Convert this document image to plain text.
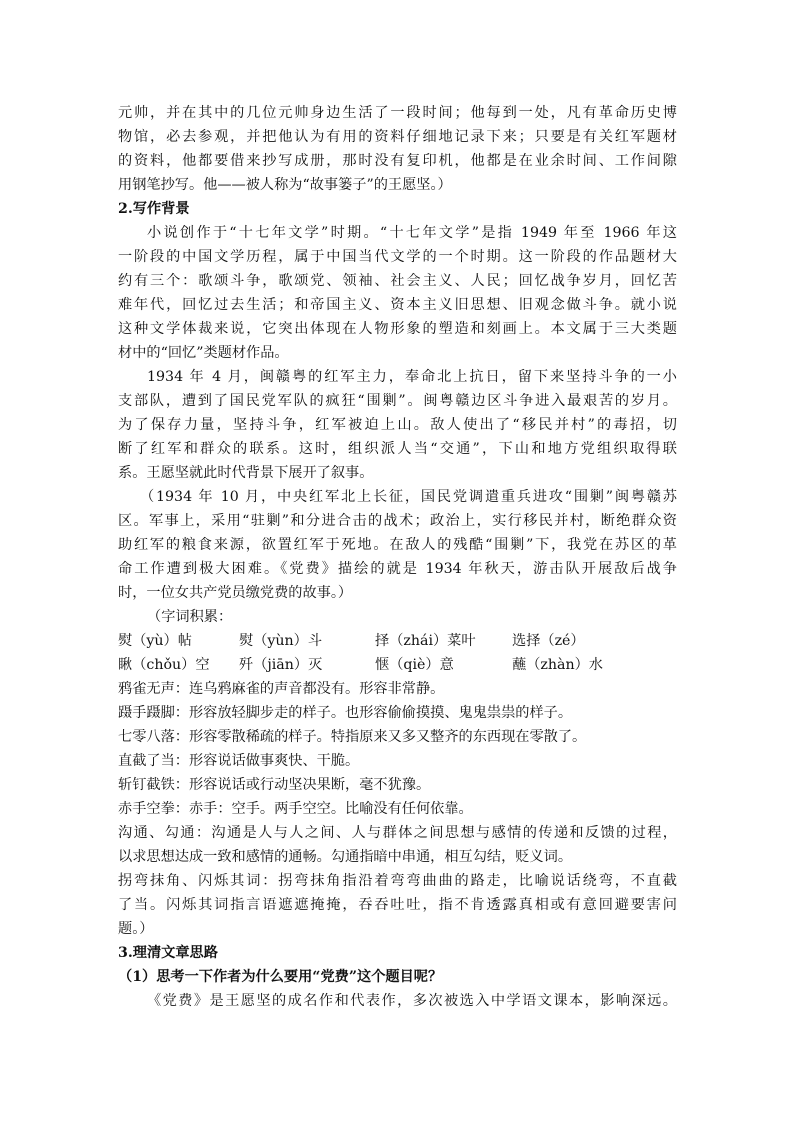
元帅，并在其中的几位元帅身边生活了一段时间；他每到一处，凡有革命历史博
物馆，必去参观，并把他认为有用的资料仔细地记录下来；只要是有关红军题材
的资料，他都要借来抄写成册，那时没有复印机，他都是在业余时间、工作间隙
用钢笔抄写。他——被人称为“故事篓子”的王愿坚。）
2.写作背景
小说创作于“十七年文学”时期。“十七年文学”是指 1949 年至 1966 年这
一阶段的中国文学历程，属于中国当代文学的一个时期。这一阶段的作品题材大
约有三个：歌颂斗争，歌颂党、领袖、社会主义、人民；回忆战争岁月，回忆苦
难年代，回忆过去生活；和帝国主义、资本主义旧思想、旧观念做斗争。就小说
这种文学体裁来说，它突出体现在人物形象的塑造和刻画上。本文属于三大类题
材中的“回忆”类题材作品。
1934 年 4 月，闽赣粤的红军主力，奉命北上抗日，留下来坚持斗争的一小
支部队，遭到了国民党军队的疯狂“围剿”。闽粤赣边区斗争进入最艰苦的岁月。
为了保存力量，坚持斗争，红军被迫上山。敌人使出了“移民并村”的毒招，切
断了红军和群众的联系。这时，组织派人当“交通”，下山和地方党组织取得联
系。王愿坚就此时代背景下展开了叙事。
（1934 年 10 月，中央红军北上长征，国民党调遣重兵进攻“围剿”闽粤赣苏
区。军事上，采用“驻剿”和分进合击的战术；政治上，实行移民并村，断绝群众资
助红军的粮食来源，欲置红军于死地。在敌人的残酷“围剿”下，我党在苏区的革
命工作遭到极大困难。《党费》描绘的就是 1934 年秋天，游击队开展敌后战争
时，一位女共产党员缴党费的故事。）
（字词积累：
熨（yù）帖	熨（yùn）斗	择（zhái）菜叶	选择（zé）
瞅（chǒu）空 歼（jiān）灭	惬（qiè）意	蘸（zhàn）水
鸦雀无声：连乌鸦麻雀的声音都没有。形容非常静。
蹑手蹑脚：形容放轻脚步走的样子。也形容偷偷摸摸、鬼鬼祟祟的样子。
七零八落：形容零散稀疏的样子。特指原来又多又整齐的东西现在零散了。
直截了当：形容说话做事爽快、干脆。
斩钉截铁：形容说话或行动坚决果断，毫不犹豫。
赤手空拳：赤手：空手。两手空空。比喻没有任何依靠。
沟通、勾通：沟通是人与人之间、人与群体之间思想与感情的传递和反馈的过程，
以求思想达成一致和感情的通畅。勾通指暗中串通，相互勾结，贬义词。
拐弯抹角、闪烁其词：拐弯抹角指沿着弯弯曲曲的路走，比喻说话绕弯，不直截
了当。闪烁其词指言语遮遮掩掩，吞吞吐吐，指不肯透露真相或有意回避要害问
题。）
3.理清文章思路
（1）思考一下作者为什么要用“党费”这个题目呢？
《党费》是王愿坚的成名作和代表作，多次被选入中学语文课本，影响深远。
